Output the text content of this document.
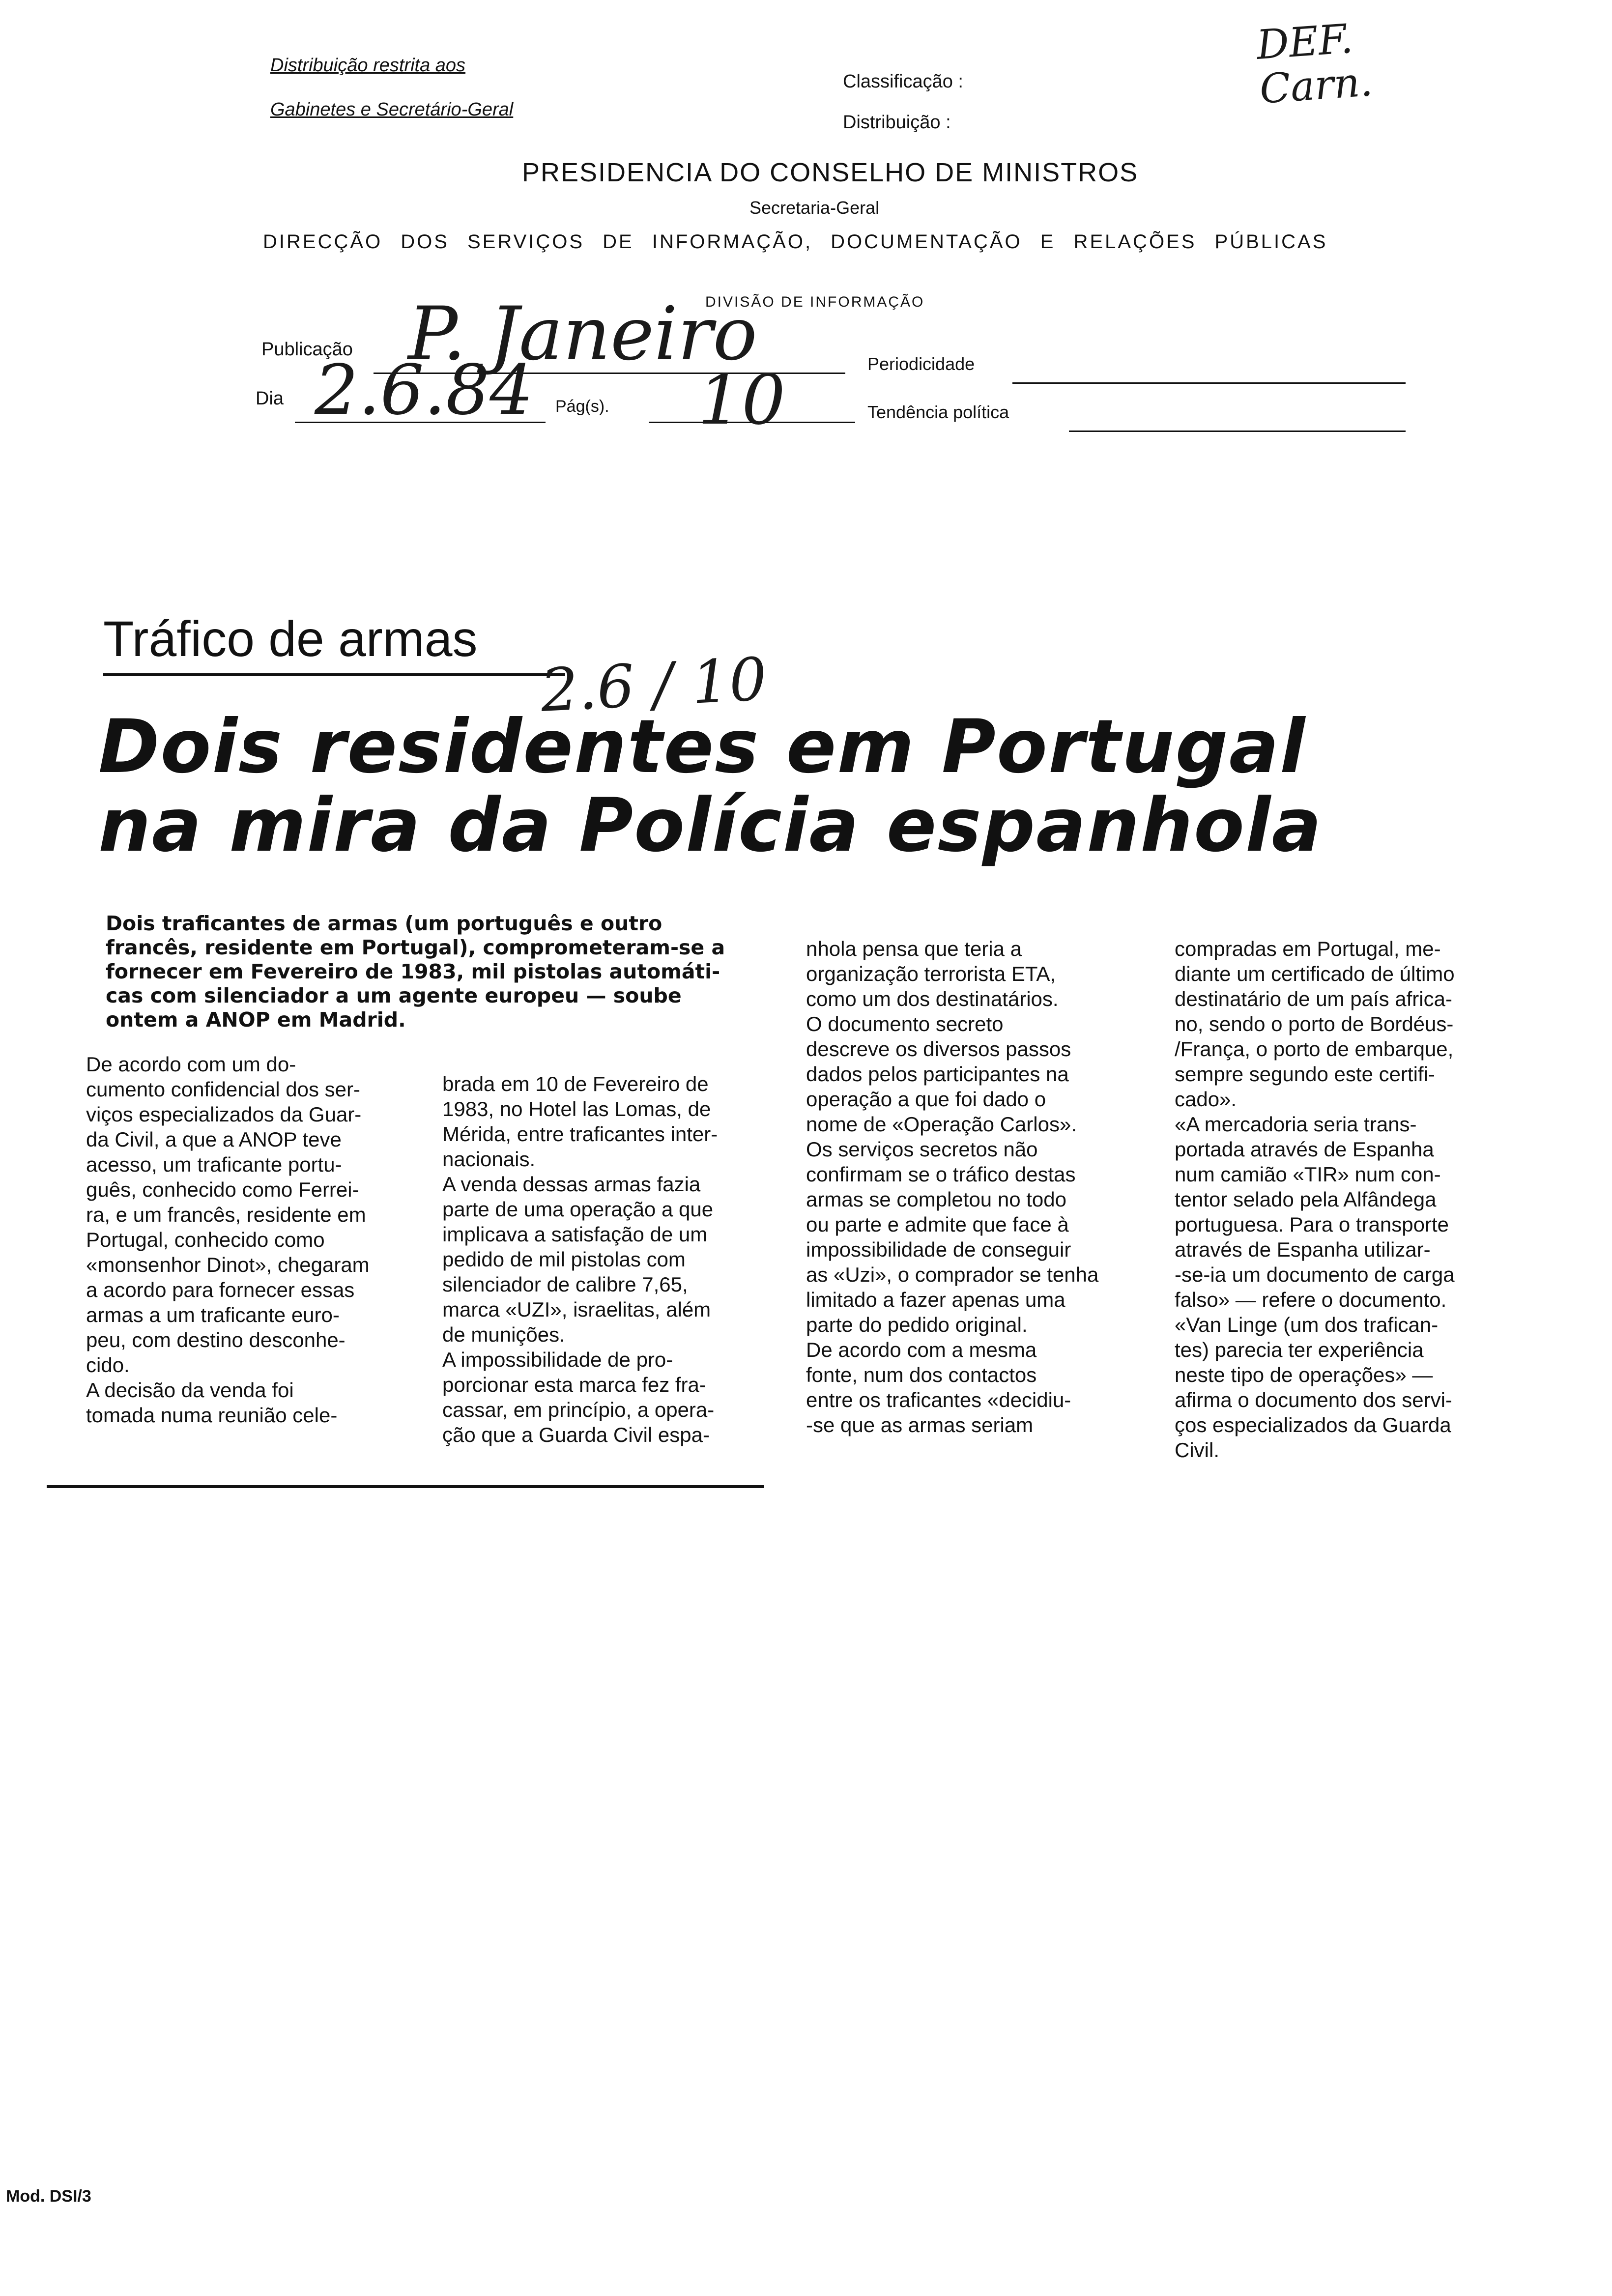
Distribuição restrita aos
Gabinetes e Secretário-Geral
Classificação :
Distribuição :
DEF.
Carn.
PRESIDENCIA DO CONSELHO DE MINISTROS
Secretaria-Geral
DIRECÇÃO DOS SERVIÇOS DE INFORMAÇÃO, DOCUMENTAÇÃO E RELAÇÕES PÚBLICAS
DIVISÃO DE INFORMAÇÃO
Publicação P. Janeiro
Dia 2.6.84 Pág(s). 10	Periodicidade
Tendência política
Tráfico de armas
2.6 / 10
Dois residentes em Portugal
na mira da Polícia espanhola
Dois traficantes de armas (um português e outro
francês, residente em Portugal), comprometeram-se a
fornecer em Fevereiro de 1983, mil pistolas automáti-
cas com silenciador a um agente europeu — soube
ontem a ANOP em Madrid.
De acordo com um do-
cumento confidencial dos ser-
viços especializados da Guar-
da Civil, a que a ANOP teve
acesso, um traficante portu-
guês, conhecido como Ferrei-
ra, e um francês, residente em
Portugal, conhecido como
«monsenhor Dinot», chegaram
a acordo para fornecer essas
armas a um traficante euro-
peu, com destino desconhe-
cido.
A decisão da venda foi
tomada numa reunião cele-
brada em 10 de Fevereiro de
1983, no Hotel las Lomas, de
Mérida, entre traficantes inter-
nacionais.
A venda dessas armas fazia
parte de uma operação a que
implicava a satisfação de um
pedido de mil pistolas com
silenciador de calibre 7,65,
marca «UZI», israelitas, além
de munições.
A impossibilidade de pro-
porcionar esta marca fez fra-
cassar, em princípio, a opera-
ção que a Guarda Civil espa-
nhola pensa que teria a
organização terrorista ETA,
como um dos destinatários.
O documento secreto
descreve os diversos passos
dados pelos participantes na
operação a que foi dado o
nome de «Operação Carlos».
Os serviços secretos não
confirmam se o tráfico destas
armas se completou no todo
ou parte e admite que face à
impossibilidade de conseguir
as «Uzi», o comprador se tenha
limitado a fazer apenas uma
parte do pedido original.
De acordo com a mesma
fonte, num dos contactos
entre os traficantes «decidiu-
-se que as armas seriam
compradas em Portugal, me-
diante um certificado de último
destinatário de um país africa-
no, sendo o porto de Bordéus-
/França, o porto de embarque,
sempre segundo este certifi-
cado».
«A mercadoria seria trans-
portada através de Espanha
num camião «TIR» num con-
tentor selado pela Alfândega
portuguesa. Para o transporte
através de Espanha utilizar-
-se-ia um documento de carga
falso» — refere o documento.
«Van Linge (um dos trafican-
tes) parecia ter experiência
neste tipo de operações» —
afirma o documento dos servi-
ços especializados da Guarda
Civil.
Mod. DSI/3
